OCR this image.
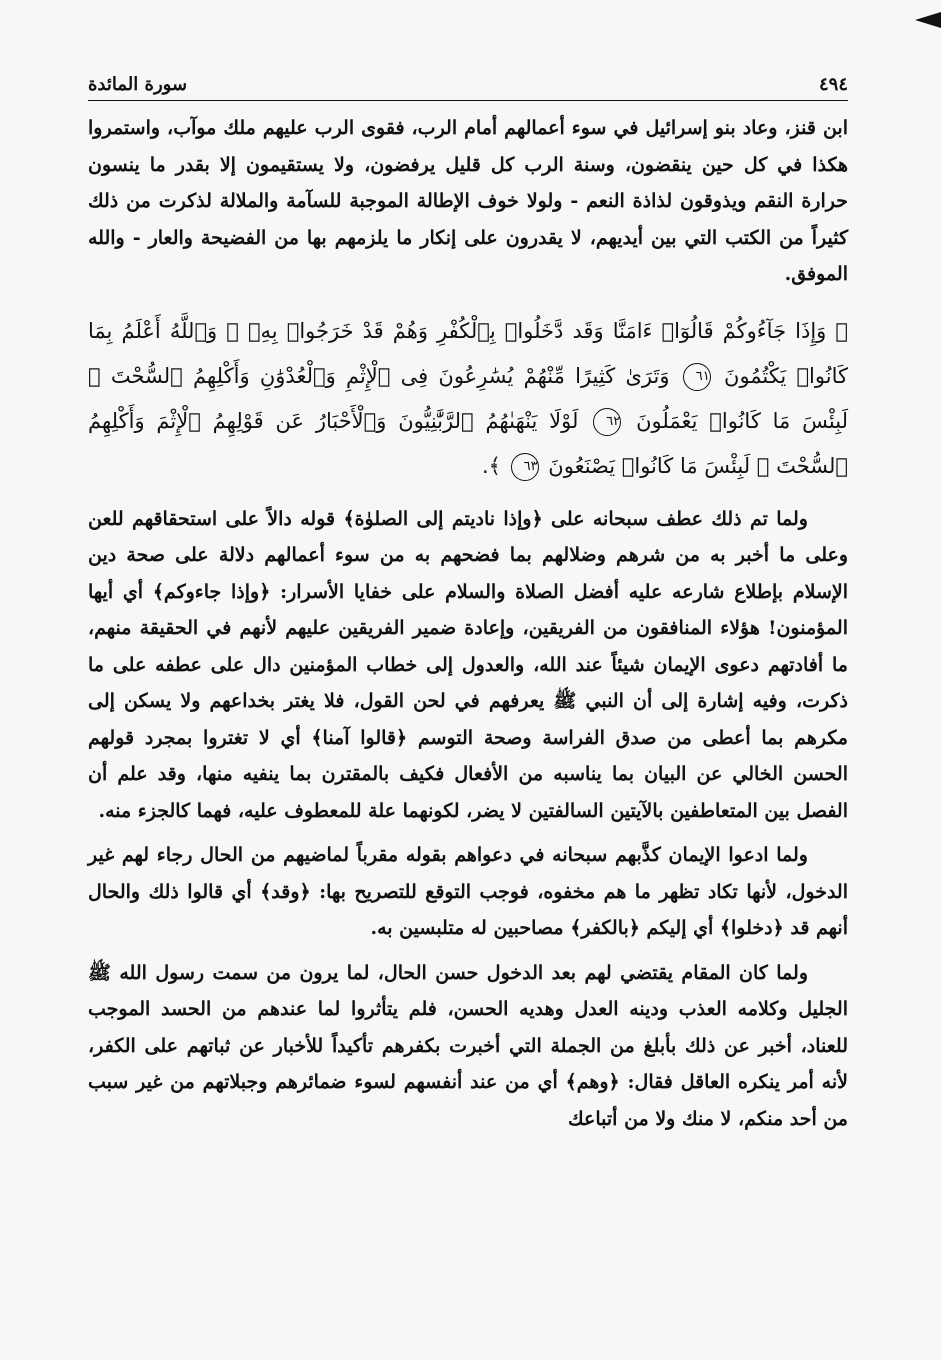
٤٩٤
سورة المائدة

ابن قنز، وعاد بنو إسرائيل في سوء أعمالهم أمام الرب، فقوى الرب عليهم ملك موآب، واستمروا هكذا في كل حين ينقضون، وسنة الرب كل قليل يرفضون، ولا يستقيمون إلا بقدر ما ينسون حرارة النقم ويذوقون لذاذة النعم - ولولا خوف الإطالة الموجبة للسآمة والملالة لذكرت من ذلك كثيراً من الكتب التي بين أيديهم، لا يقدرون على إنكار ما يلزمهم بها من الفضيحة والعار - والله الموفق.

﴿ وَإِذَا جَآءُوكُمْ قَالُوٓا۟ ءَامَنَّا وَقَد دَّخَلُوا۟ بِٱلْكُفْرِ وَهُمْ قَدْ خَرَجُوا۟ بِهِۦ ۚ وَٱللَّهُ أَعْلَمُ بِمَا كَانُوا۟ يَكْتُمُونَ ٦١ وَتَرَىٰ كَثِيرًا مِّنْهُمْ يُسَٰرِعُونَ فِى ٱلْإِثْمِ وَٱلْعُدْوَٰنِ وَأَكْلِهِمُ ٱلسُّحْتَ ۚ لَبِئْسَ مَا كَانُوا۟ يَعْمَلُونَ ٦٢ لَوْلَا يَنْهَىٰهُمُ ٱلرَّبَّٰنِيُّونَ وَٱلْأَحْبَارُ عَن قَوْلِهِمُ ٱلْإِثْمَ وَأَكْلِهِمُ ٱلسُّحْتَ ۚ لَبِئْسَ مَا كَانُوا۟ يَصْنَعُونَ ٦٣ ﴾.

ولما تم ذلك عطف سبحانه على ﴿وإذا ناديتم إلى الصلوٰة﴾ قوله دالاً على استحقاقهم للعن وعلى ما أخبر به من شرهم وضلالهم بما فضحهم به من سوء أعمالهم دلالة على صحة دين الإسلام بإطلاع شارعه عليه أفضل الصلاة والسلام على خفايا الأسرار: ﴿وإذا جاءوكم﴾ أي أيها المؤمنون! هؤلاء المنافقون من الفريقين، وإعادة ضمير الفريقين عليهم لأنهم في الحقيقة منهم، ما أفادتهم دعوى الإيمان شيئاً عند الله، والعدول إلى خطاب المؤمنين دال على عطفه على ما ذكرت، وفيه إشارة إلى أن النبي ﷺ يعرفهم في لحن القول، فلا يغتر بخداعهم ولا يسكن إلى مكرهم بما أعطى من صدق الفراسة وصحة التوسم ﴿قالوا آمنا﴾ أي لا تغتروا بمجرد قولهم الحسن الخالي عن البيان بما يناسبه من الأفعال فكيف بالمقترن بما ينفيه منها، وقد علم أن الفصل بين المتعاطفين بالآيتين السالفتين لا يضر، لكونهما علة للمعطوف عليه، فهما كالجزء منه.

ولما ادعوا الإيمان كذَّبهم سبحانه في دعواهم بقوله مقرباً لماضيهم من الحال رجاء لهم غير الدخول، لأنها تكاد تظهر ما هم مخفوه، فوجب التوقع للتصريح بها: ﴿وقد﴾ أي قالوا ذلك والحال أنهم قد ﴿دخلوا﴾ أي إليكم ﴿بالكفر﴾ مصاحبين له متلبسين به.

ولما كان المقام يقتضي لهم بعد الدخول حسن الحال، لما يرون من سمت رسول الله ﷺ الجليل وكلامه العذب ودينه العدل وهديه الحسن، فلم يتأثروا لما عندهم من الحسد الموجب للعناد، أخبر عن ذلك بأبلغ من الجملة التي أخبرت بكفرهم تأكيداً للأخبار عن ثباتهم على الكفر، لأنه أمر ينكره العاقل فقال: ﴿وهم﴾ أي من عند أنفسهم لسوء ضمائرهم وجبلاتهم من غير سبب من أحد منكم، لا منك ولا من أتباعك
